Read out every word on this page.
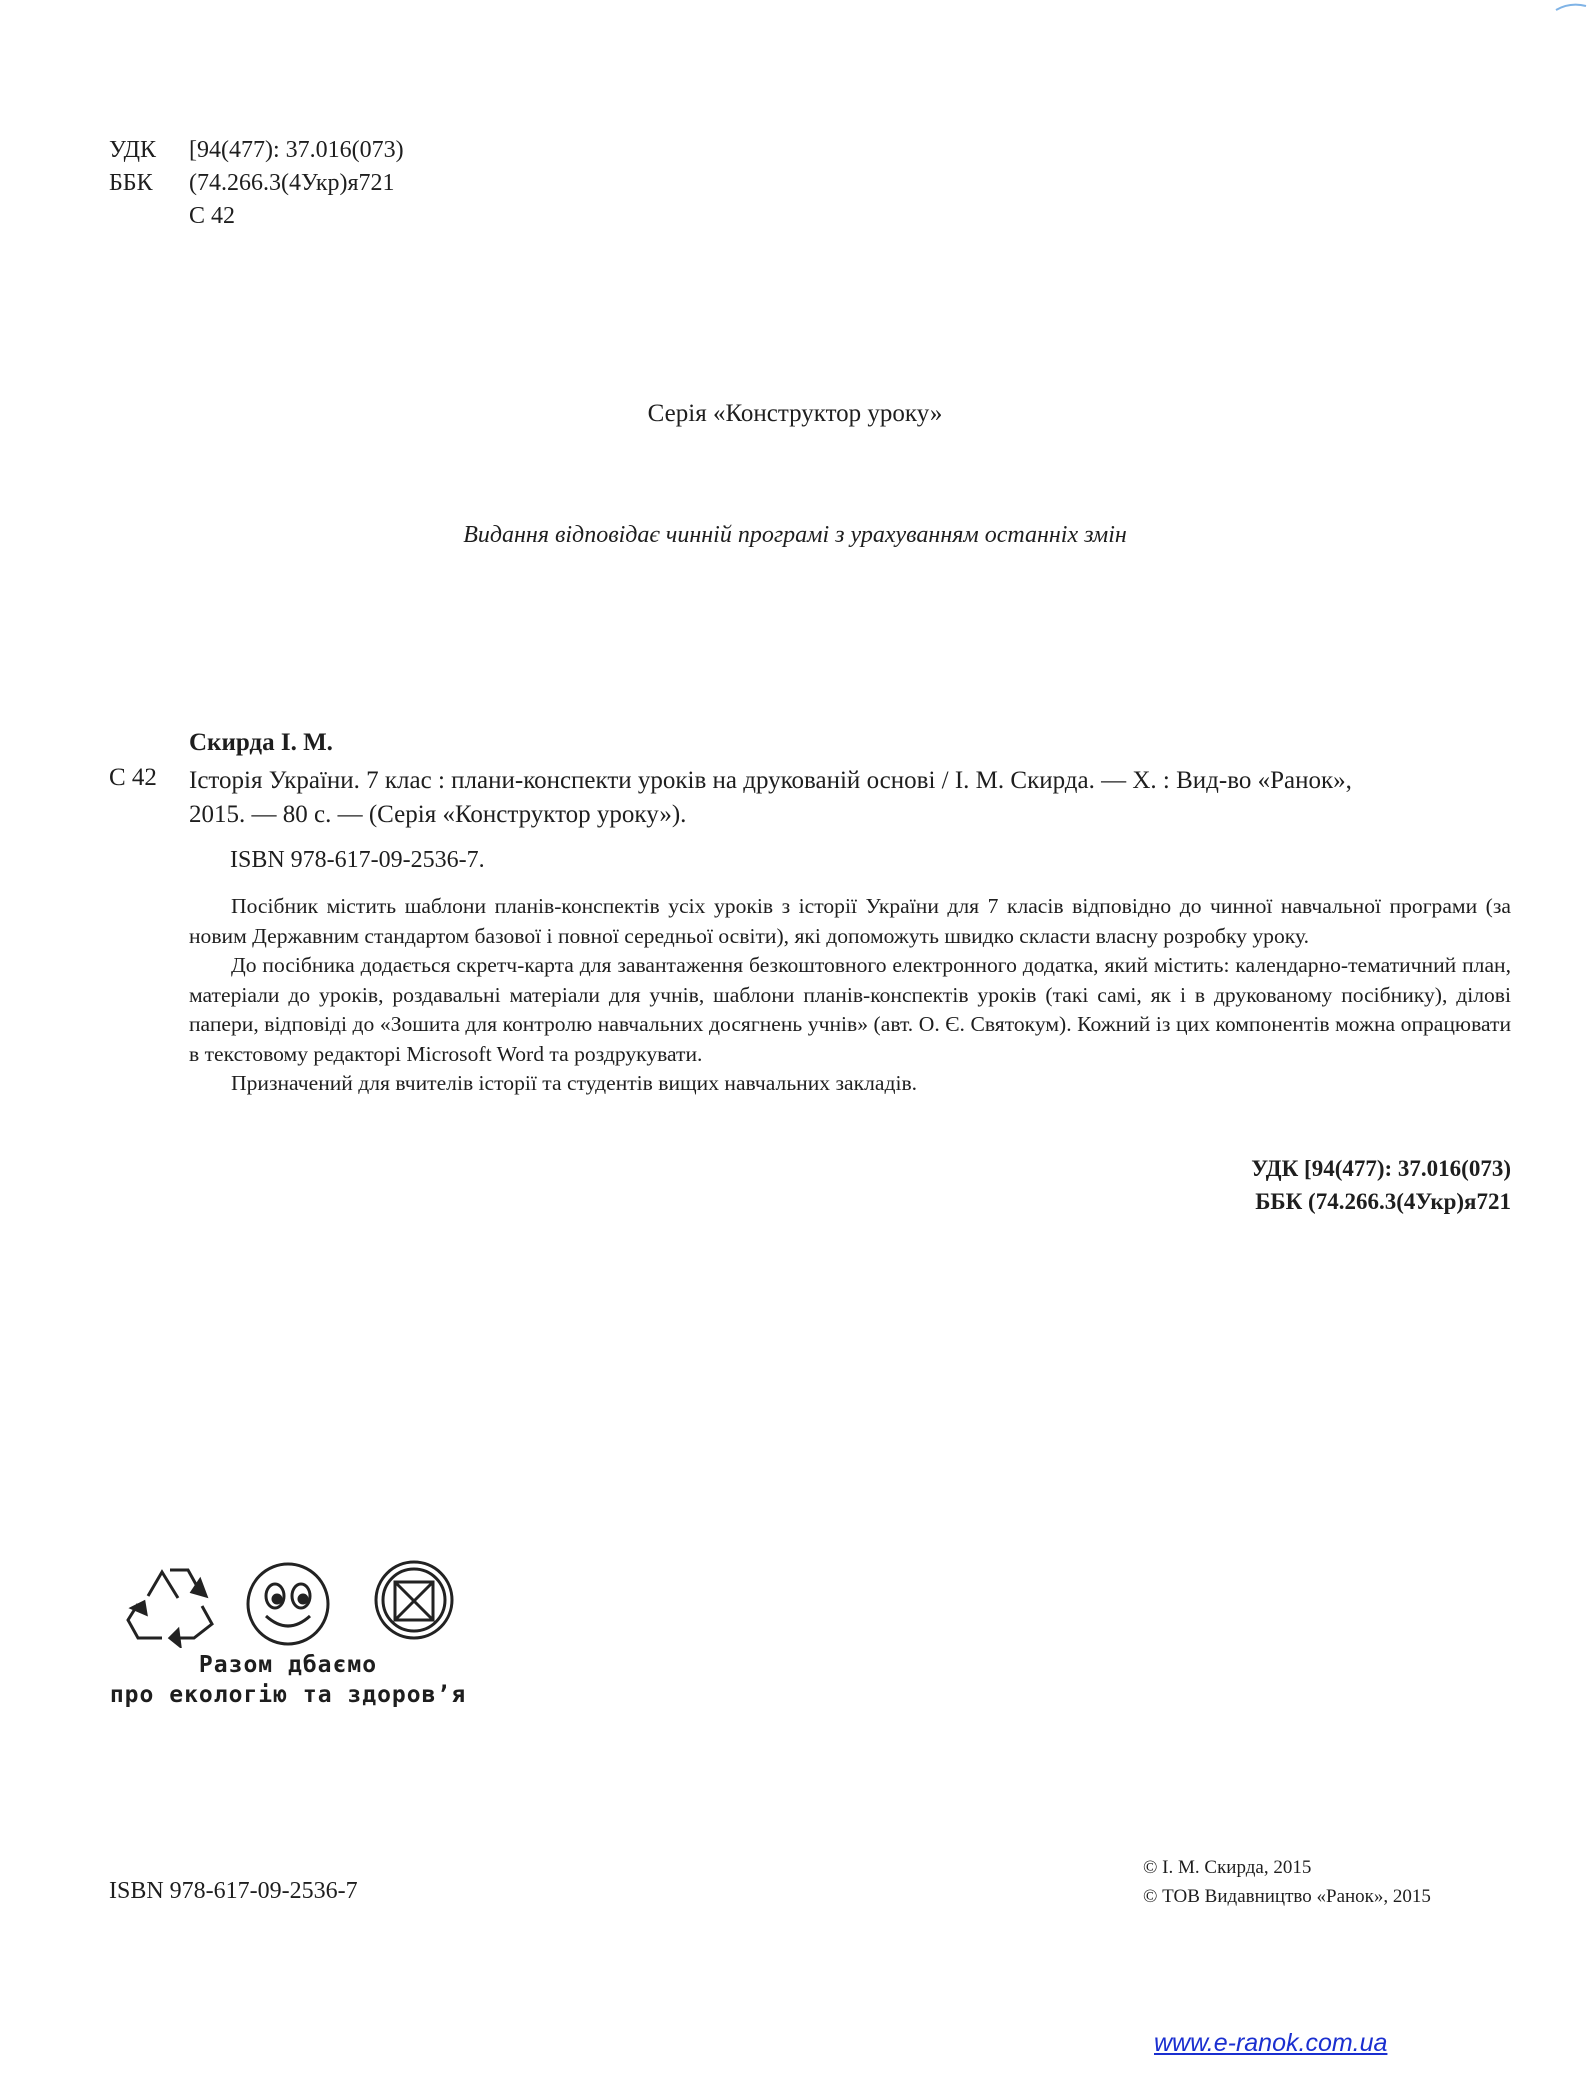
УДК	[94(477): 37.016(073)
ББК	(74.266.3(4Укр)я721
С 42
Серія «Конструктор уроку»
Видання відповідає чинній програмі з урахуванням останніх змін
Скирда І. М.
С 42 Історія України. 7 клас : плани-конспекти уроків на друкованій основі / І. М. Скирда. — Х. : Вид-во «Ранок»,
2015. — 80 с. — (Серія «Конструктор уроку»).
ISBN 978-617-09-2536-7.

Посібник містить шаблони планів-конспектів усіх уроків з історії України для 7 класів відповідно до чинної навчальної програми (за новим Державним стандартом базової і повної середньої освіти), які допоможуть швидко скласти власну розробку уроку.

До посібника додається скретч-карта для завантаження безкоштовного електронного додатка, який містить: календарно-тематичний план, матеріали до уроків, роздавальні матеріали для учнів, шаблони планів-конспектів уроків (такі самі, як і в друкованому посібнику), ділові папери, відповіді до «Зошита для контролю навчальних досягнень учнів» (авт. О. Є. Святокум). Кожний із цих компонентів можна опрацювати в текстовому редакторі Microsoft Word та роздрукувати.

Призначений для вчителів історії та студентів вищих навчальних закладів.

УДК [94(477): 37.016(073)
ББК (74.266.3(4Укр)я721
Разом дбаємо
про екологію та здоров’я
ISBN 978-617-09-2536-7
© І. М. Скирда, 2015
© ТОВ Видавництво «Ранок», 2015
www.e-ranok.com.ua
